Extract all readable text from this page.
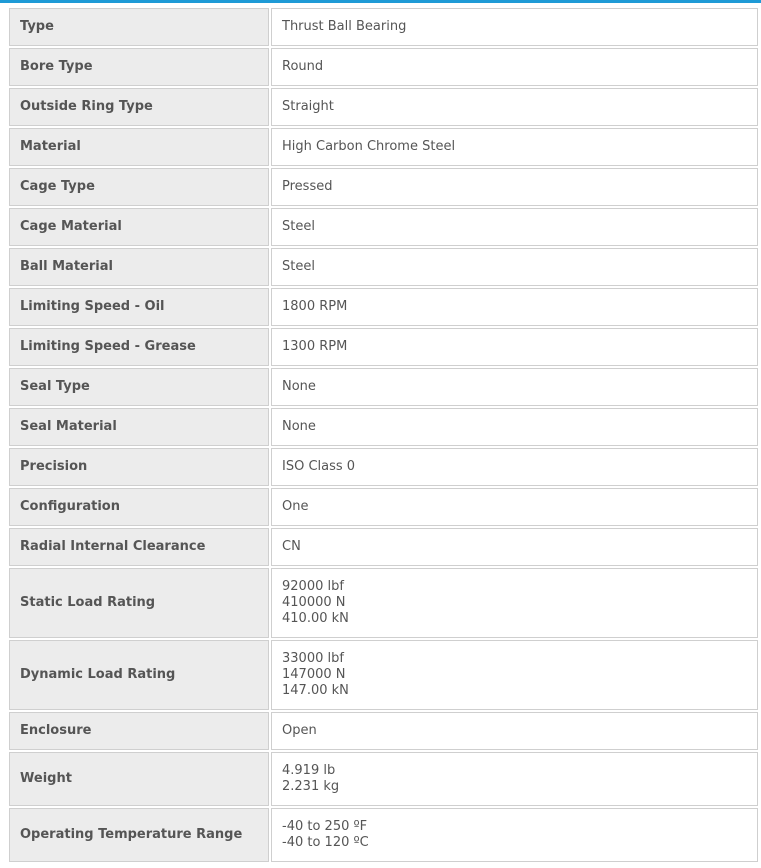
Type	Thrust Ball Bearing

Bore Type	Round

Outside Ring Type	Straight

Material	High Carbon Chrome Steel

Cage Type	Pressed

Cage Material	Steel

Ball Material	Steel

Limiting Speed - Oil	1800 RPM

Limiting Speed - Grease	1300 RPM

Seal Type	None

Seal Material	None

Precision	ISO Class 0

Configuration	One

Radial Internal Clearance	CN

Static Load Rating	92000 lbf
410000 N
410.00 kN

Dynamic Load Rating	33000 lbf
147000 N
147.00 kN

Enclosure	Open

Weight	4.919 lb
2.231 kg

Operating Temperature Range	-40 to 250 ºF
-40 to 120 ºC
